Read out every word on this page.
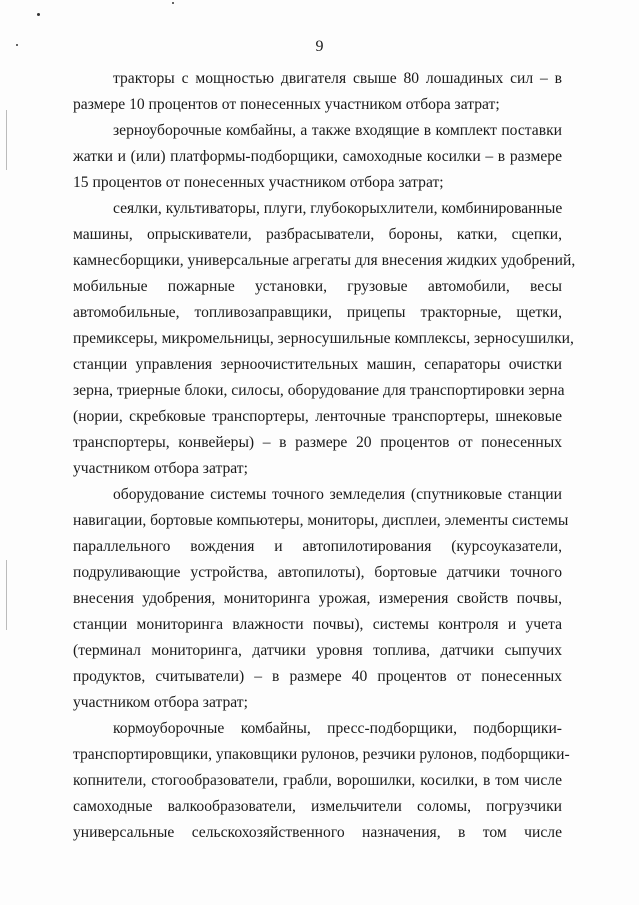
9
тракторы с мощностью двигателя свыше 80 лошадиных сил – в
размере 10 процентов от понесенных участником отбора затрат;
зерноуборочные комбайны, а также входящие в комплект поставки
жатки и (или) платформы-подборщики, самоходные косилки – в размере
15 процентов от понесенных участником отбора затрат;
сеялки, культиваторы, плуги, глубокорыхлители, комбинированные
машины, опрыскиватели, разбрасыватели, бороны, катки, сцепки,
камнесборщики, универсальные агрегаты для внесения жидких удобрений,
мобильные пожарные установки, грузовые автомобили, весы
автомобильные, топливозаправщики, прицепы тракторные, щетки,
премиксеры, микромельницы, зерносушильные комплексы, зерносушилки,
станции управления зерноочистительных машин, сепараторы очистки
зерна, триерные блоки, силосы, оборудование для транспортировки зерна
(нории, скребковые транспортеры, ленточные транспортеры, шнековые
транспортеры, конвейеры) – в размере 20 процентов от понесенных
участником отбора затрат;
оборудование системы точного земледелия (спутниковые станции
навигации, бортовые компьютеры, мониторы, дисплеи, элементы системы
параллельного вождения и автопилотирования (курсоуказатели,
подруливающие устройства, автопилоты), бортовые датчики точного
внесения удобрения, мониторинга урожая, измерения свойств почвы,
станции мониторинга влажности почвы), системы контроля и учета
(терминал мониторинга, датчики уровня топлива, датчики сыпучих
продуктов, считыватели) – в размере 40 процентов от понесенных
участником отбора затрат;
кормоуборочные комбайны, пресс-подборщики, подборщики-
транспортировщики, упаковщики рулонов, резчики рулонов, подборщики-
копнители, стогообразователи, грабли, ворошилки, косилки, в том числе
самоходные валкообразователи, измельчители соломы, погрузчики
универсальные сельскохозяйственного назначения, в том числе
